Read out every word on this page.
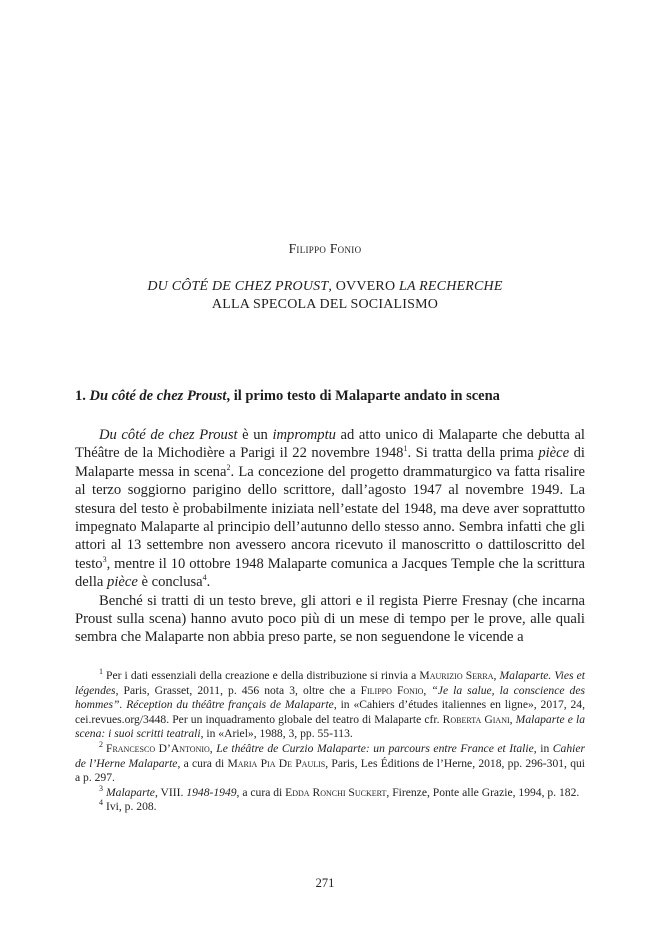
Filippo Fonio
DU CÔTÉ DE CHEZ PROUST, OVVERO LA RECHERCHE
ALLA SPECOLA DEL SOCIALISMO
1. Du côté de chez Proust, il primo testo di Malaparte andato in scena

Du côté de chez Proust è un impromptu ad atto unico di Malaparte che debutta al Théâtre de la Michodière a Parigi il 22 novembre 1948$^1$. Si tratta della prima pièce di Malaparte messa in scena$^2$. La concezione del progetto drammaturgico va fatta risalire al terzo soggiorno parigino dello scrittore, dall’agosto 1947 al novembre 1949. La stesura del testo è probabilmente iniziata nell’estate del 1948, ma deve aver soprattutto impegnato Malaparte al principio dell’autunno dello stesso anno. Sembra infatti che gli attori al 13 settembre non avessero ancora ricevuto il manoscritto o dattiloscritto del testo$^3$, mentre il 10 ottobre 1948 Malaparte comunica a Jacques Temple che la scrittura della pièce è conclusa$^4$.

Benché si tratti di un testo breve, gli attori e il regista Pierre Fresnay (che incarna Proust sulla scena) hanno avuto poco più di un mese di tempo per le prove, alle quali sembra che Malaparte non abbia preso parte, se non seguendone le vicende a

$^1$ Per i dati essenziali della creazione e della distribuzione si rinvia a Maurizio Serra, Malaparte. Vies et légendes, Paris, Grasset, 2011, p. 456 nota 3, oltre che a Filippo Fonio, “Je la salue, la conscience des hommes”. Réception du théâtre français de Malaparte, in «Cahiers d’études italiennes en ligne», 2017, 24, cei.revues.org/3448. Per un inquadramento globale del teatro di Malaparte cfr. Roberta Giani, Malaparte e la scena: i suoi scritti teatrali, in «Ariel», 1988, 3, pp. 55-113.

$^2$ Francesco D’Antonio, Le théâtre de Curzio Malaparte: un parcours entre France et Italie, in Cahier de l’Herne Malaparte, a cura di Maria Pia De Paulis, Paris, Les Éditions de l’Herne, 2018, pp. 296-301, qui a p. 297.

$^3$ Malaparte, VIII. 1948-1949, a cura di Edda Ronchi Suckert, Firenze, Ponte alle Grazie, 1994, p. 182.

$^4$ Ivi, p. 208.

271
